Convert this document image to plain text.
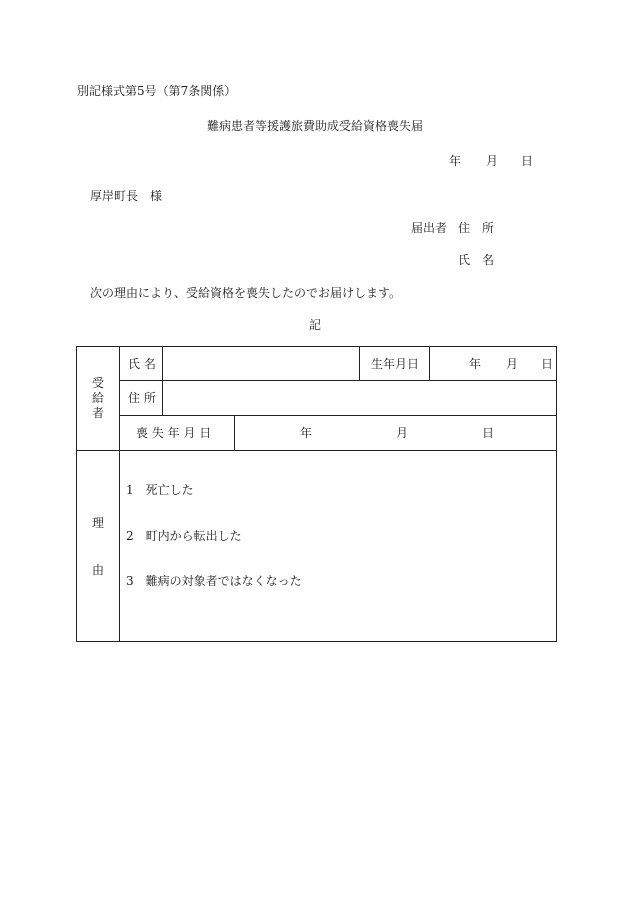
別記様式第5号（第7条関係）
難病患者等援護旅費助成受給資格喪失届
年 月 日
厚岸町長　様
届出者 住　所
氏　名
次の理由により、受給資格を喪失したのでお届けします。
記
受
給
者
氏 名	生年月日	年 月 日
住 所
喪 失 年 月 日	年	月	日
理
由
1　死亡した
2　町内から転出した
3　難病の対象者ではなくなった
